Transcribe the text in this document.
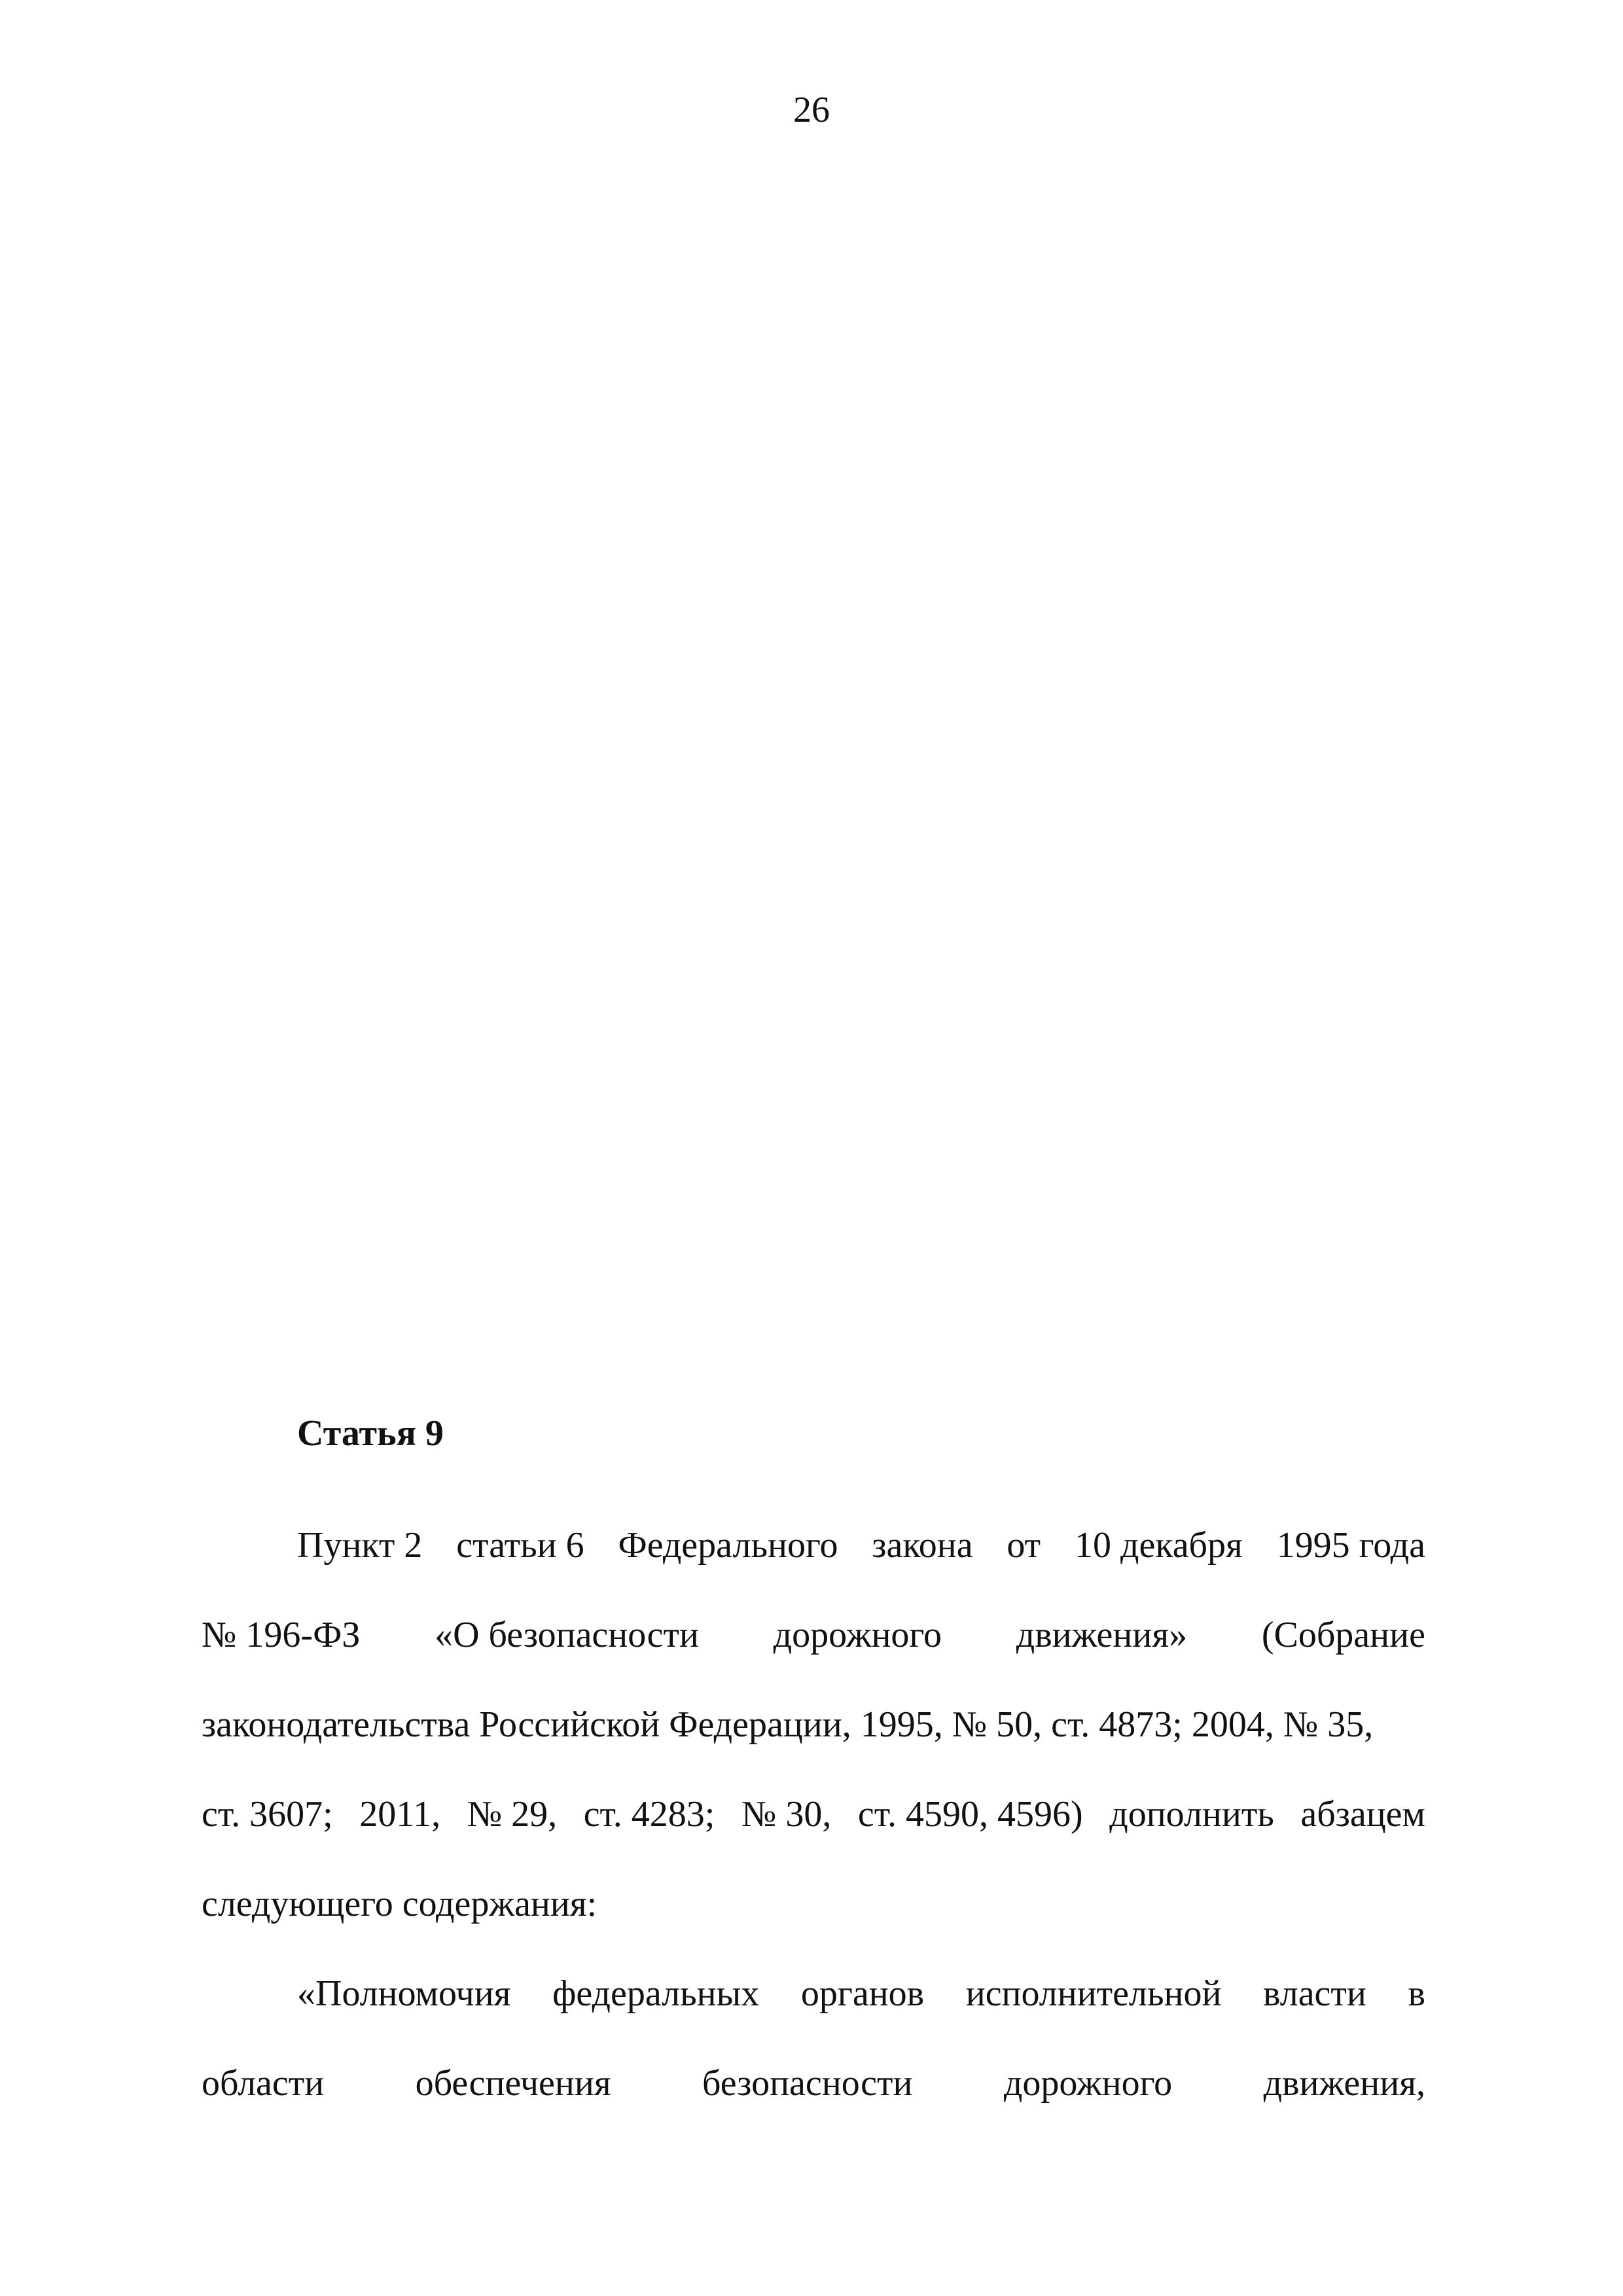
26
Статья 9
Пункт 2 статьи 6 Федерального закона от 10 декабря 1995 года
№ 196-ФЗ «О безопасности дорожного движения» (Собрание
законодательства Российской Федерации, 1995, № 50, ст. 4873; 2004, № 35,
ст. 3607; 2011, № 29, ст. 4283; № 30, ст. 4590, 4596) дополнить абзацем
следующего содержания:
«Полномочия федеральных органов исполнительной власти в
области обеспечения безопасности дорожного движения,
